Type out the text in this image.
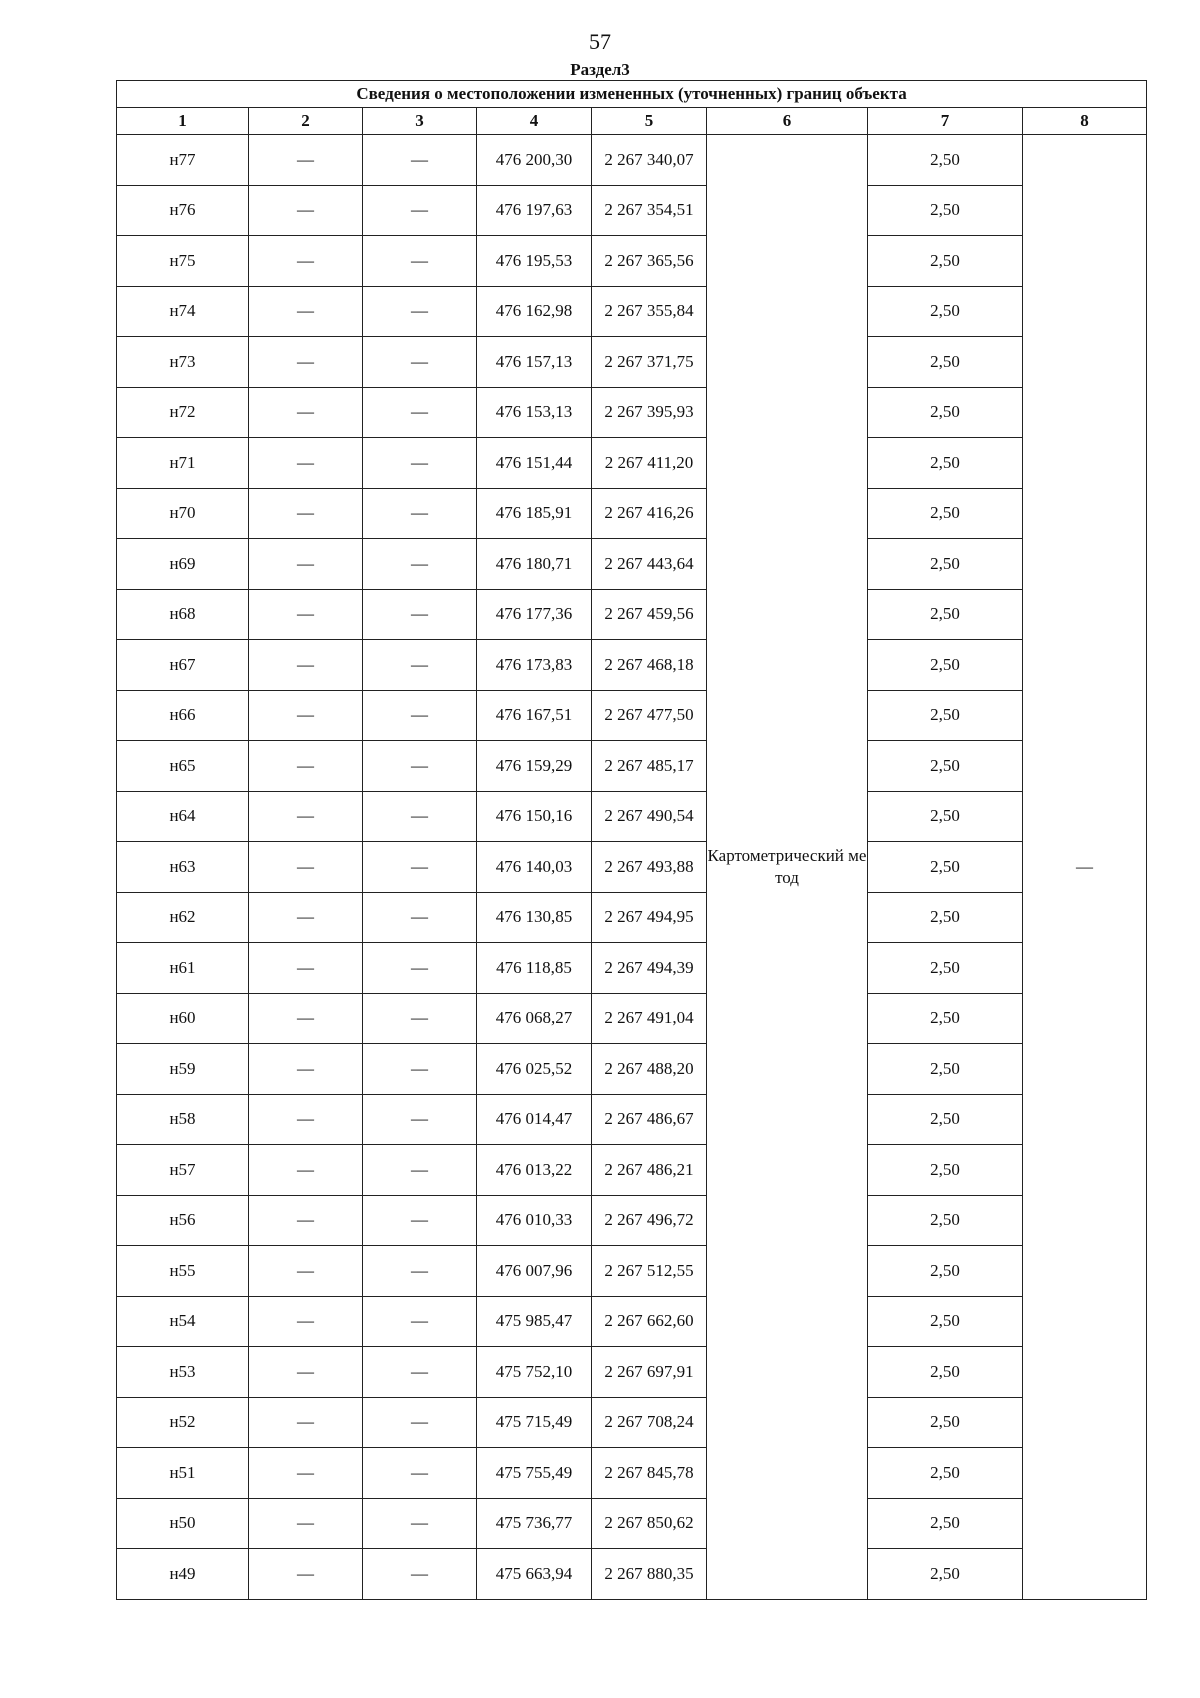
57
Раздел3
Сведения о местоположении измененных (уточненных) границ объекта							
1	2	3	4	5	6	7	8
н77	—	—	476 200,30	2 267 340,07	Картометрический метод	2,50	—
н76	—	—	476 197,63	2 267 354,51		2,50	
н75	—	—	476 195,53	2 267 365,56		2,50	
н74	—	—	476 162,98	2 267 355,84		2,50	
н73	—	—	476 157,13	2 267 371,75		2,50	
н72	—	—	476 153,13	2 267 395,93		2,50	
н71	—	—	476 151,44	2 267 411,20		2,50	
н70	—	—	476 185,91	2 267 416,26		2,50	
н69	—	—	476 180,71	2 267 443,64		2,50	
н68	—	—	476 177,36	2 267 459,56		2,50	
н67	—	—	476 173,83	2 267 468,18		2,50	
н66	—	—	476 167,51	2 267 477,50		2,50	
н65	—	—	476 159,29	2 267 485,17		2,50	
н64	—	—	476 150,16	2 267 490,54		2,50	
н63	—	—	476 140,03	2 267 493,88		2,50	
н62	—	—	476 130,85	2 267 494,95		2,50	
н61	—	—	476 118,85	2 267 494,39		2,50	
н60	—	—	476 068,27	2 267 491,04		2,50	
н59	—	—	476 025,52	2 267 488,20		2,50	
н58	—	—	476 014,47	2 267 486,67		2,50	
н57	—	—	476 013,22	2 267 486,21		2,50	
н56	—	—	476 010,33	2 267 496,72		2,50	
н55	—	—	476 007,96	2 267 512,55		2,50	
н54	—	—	475 985,47	2 267 662,60		2,50	
н53	—	—	475 752,10	2 267 697,91		2,50	
н52	—	—	475 715,49	2 267 708,24		2,50	
н51	—	—	475 755,49	2 267 845,78		2,50	
н50	—	—	475 736,77	2 267 850,62		2,50	
н49	—	—	475 663,94	2 267 880,35		2,50	
